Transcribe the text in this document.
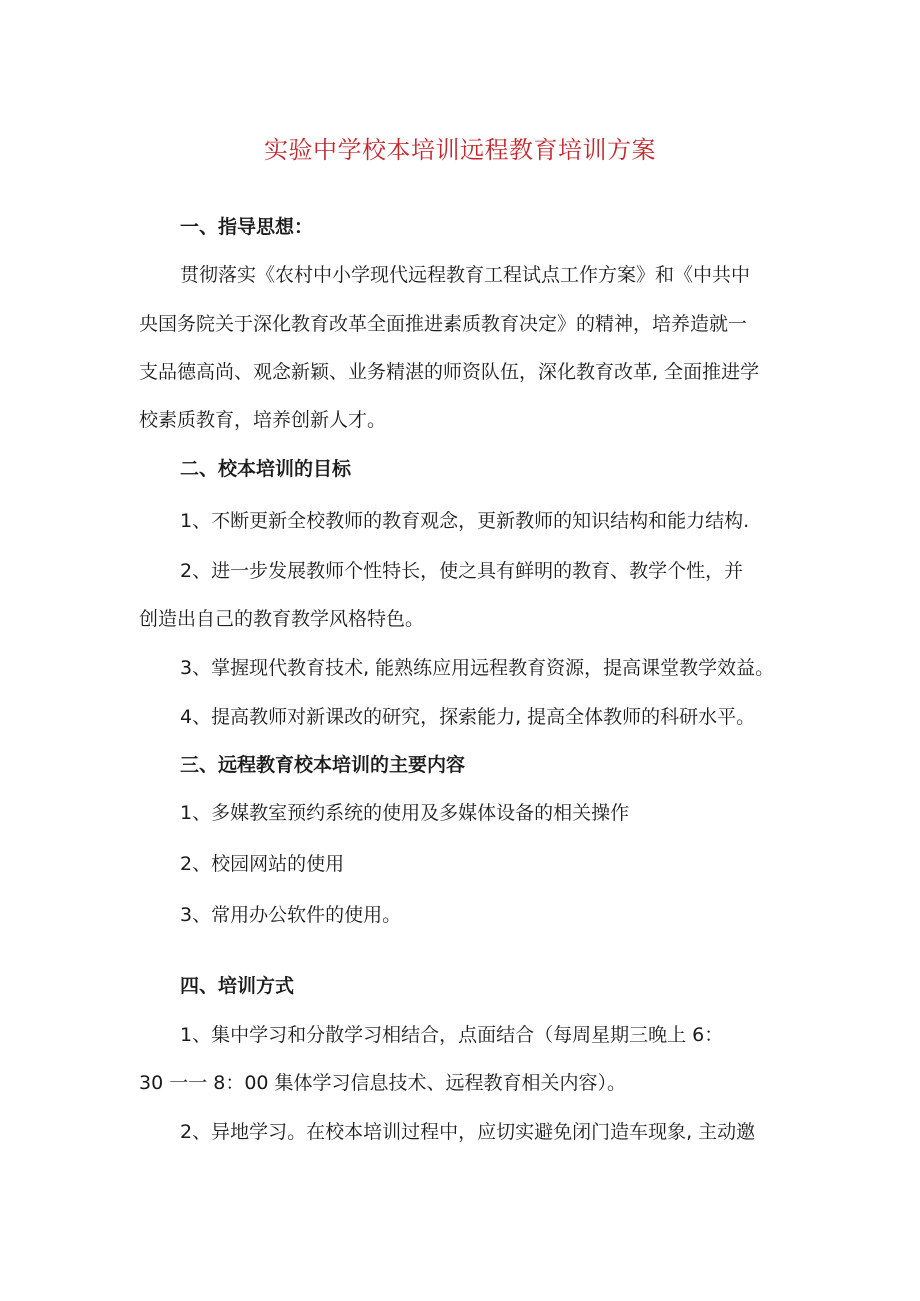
实验中学校本培训远程教育培训方案
一、指导思想：
贯彻落实《农村中小学现代远程教育工程试点工作方案》和《中共中
央国务院关于深化教育改革全面推进素质教育决定》的精神，培养造就一
支品德高尚、观念新颖、业务精湛的师资队伍，深化教育改革, 全面推进学
校素质教育，培养创新人才。
二、校本培训的目标
1、不断更新全校教师的教育观念，更新教师的知识结构和能力结构.
2、进一步发展教师个性特长，使之具有鲜明的教育、教学个性，并
创造出自己的教育教学风格特色。
3、掌握现代教育技术, 能熟练应用远程教育资源，提高课堂教学效益。
4、提高教师对新课改的研究，探索能力, 提高全体教师的科研水平。
三、远程教育校本培训的主要内容
1、多媒教室预约系统的使用及多媒体设备的相关操作
2、校园网站的使用
3、常用办公软件的使用。
四、培训方式
1、集中学习和分散学习相结合，点面结合（每周星期三晚上 6：
30 一一 8：00 集体学习信息技术、远程教育相关内容）。
2、异地学习。在校本培训过程中，应切实避免闭门造车现象, 主动邀
